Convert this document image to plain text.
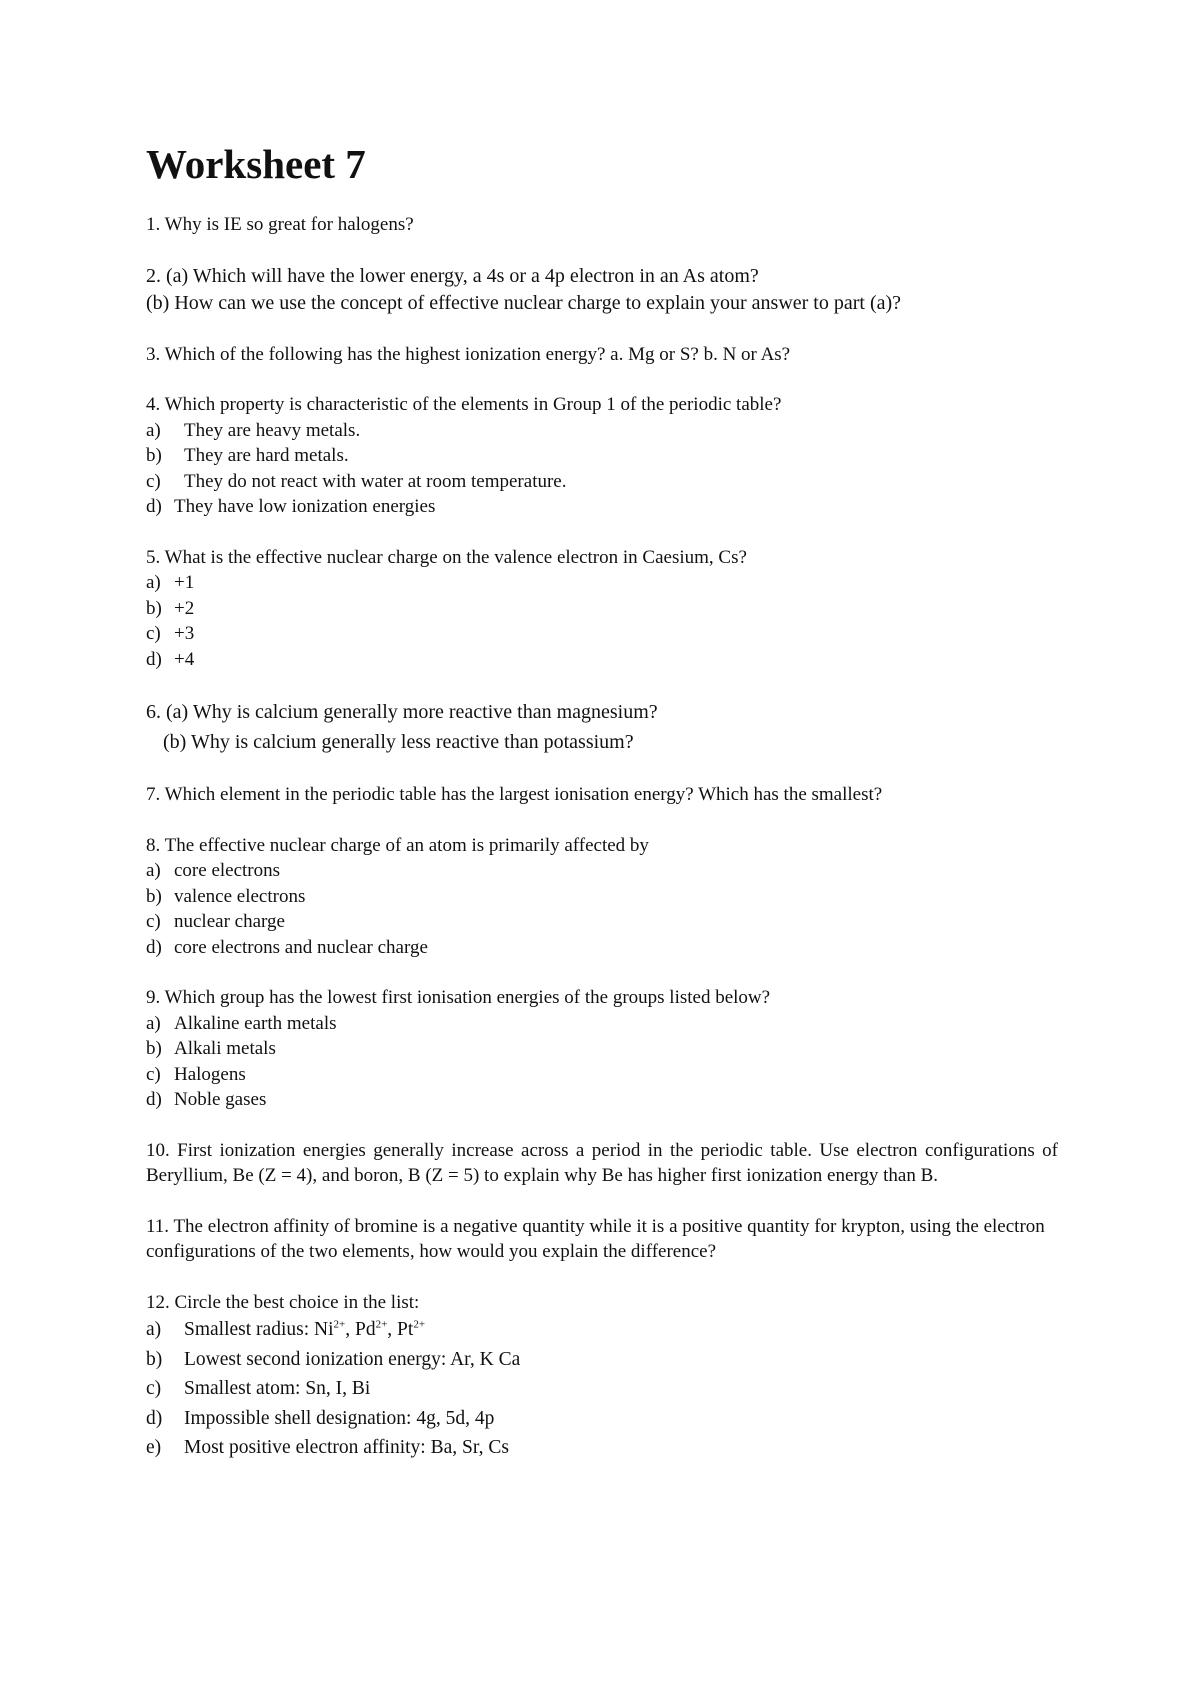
Worksheet 7
1. Why is IE so great for halogens?
2. (a) Which will have the lower energy, a 4s or a 4p electron in an As atom?
(b) How can we use the concept of effective nuclear charge to explain your answer to part (a)?
3. Which of the following has the highest ionization energy? a. Mg or S? b. N or As?
4. Which property is characteristic of the elements in Group 1 of the periodic table?
a) They are heavy metals.
b) They are hard metals.
c) They do not react with water at room temperature.
d) They have low ionization energies
5. What is the effective nuclear charge on the valence electron in Caesium, Cs?
a) +1
b) +2
c) +3
d) +4
6. (a) Why is calcium generally more reactive than magnesium?
(b) Why is calcium generally less reactive than potassium?
7. Which element in the periodic table has the largest ionisation energy? Which has the smallest?
8. The effective nuclear charge of an atom is primarily affected by
a) core electrons
b) valence electrons
c) nuclear charge
d) core electrons and nuclear charge
9. Which group has the lowest first ionisation energies of the groups listed below?
a) Alkaline earth metals
b) Alkali metals
c) Halogens
d) Noble gases
10. First ionization energies generally increase across a period in the periodic table. Use electron configurations of Beryllium, Be (Z = 4), and boron, B (Z = 5) to explain why Be has higher first ionization energy than B.
11. The electron affinity of bromine is a negative quantity while it is a positive quantity for krypton, using the electron configurations of the two elements, how would you explain the difference?
12. Circle the best choice in the list:
a) Smallest radius: $Ni^{2+}$, $Pd^{2+}$, $Pt^{2+}$
b) Lowest second ionization energy: Ar, K Ca
c) Smallest atom: Sn, I, Bi
d) Impossible shell designation: 4g, 5d, 4p
e) Most positive electron affinity: Ba, Sr, Cs
